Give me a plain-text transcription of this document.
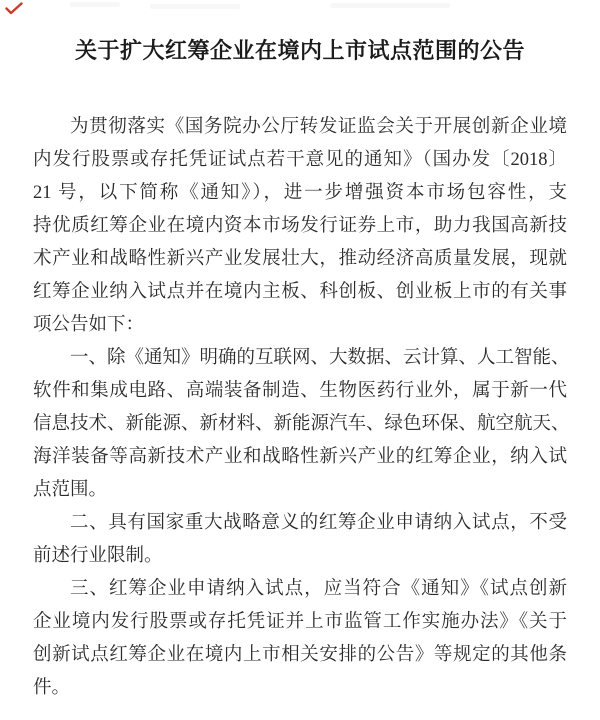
关于扩大红筹企业在境内上市试点范围的公告
为贯彻落实《国务院办公厅转发证监会关于开展创新企业境
内发行股票或存托凭证试点若干意见的通知》（国办发〔2018〕
21 号，以下简称《通知》），进一步增强资本市场包容性，支
持优质红筹企业在境内资本市场发行证券上市，助力我国高新技
术产业和战略性新兴产业发展壮大，推动经济高质量发展，现就
红筹企业纳入试点并在境内主板、科创板、创业板上市的有关事
项公告如下：
一、除《通知》明确的互联网、大数据、云计算、人工智能、
软件和集成电路、高端装备制造、生物医药行业外，属于新一代
信息技术、新能源、新材料、新能源汽车、绿色环保、航空航天、
海洋装备等高新技术产业和战略性新兴产业的红筹企业，纳入试
点范围。
二、具有国家重大战略意义的红筹企业申请纳入试点，不受
前述行业限制。
三、红筹企业申请纳入试点，应当符合《通知》《试点创新
企业境内发行股票或存托凭证并上市监管工作实施办法》《关于
创新试点红筹企业在境内上市相关安排的公告》等规定的其他条
件。
